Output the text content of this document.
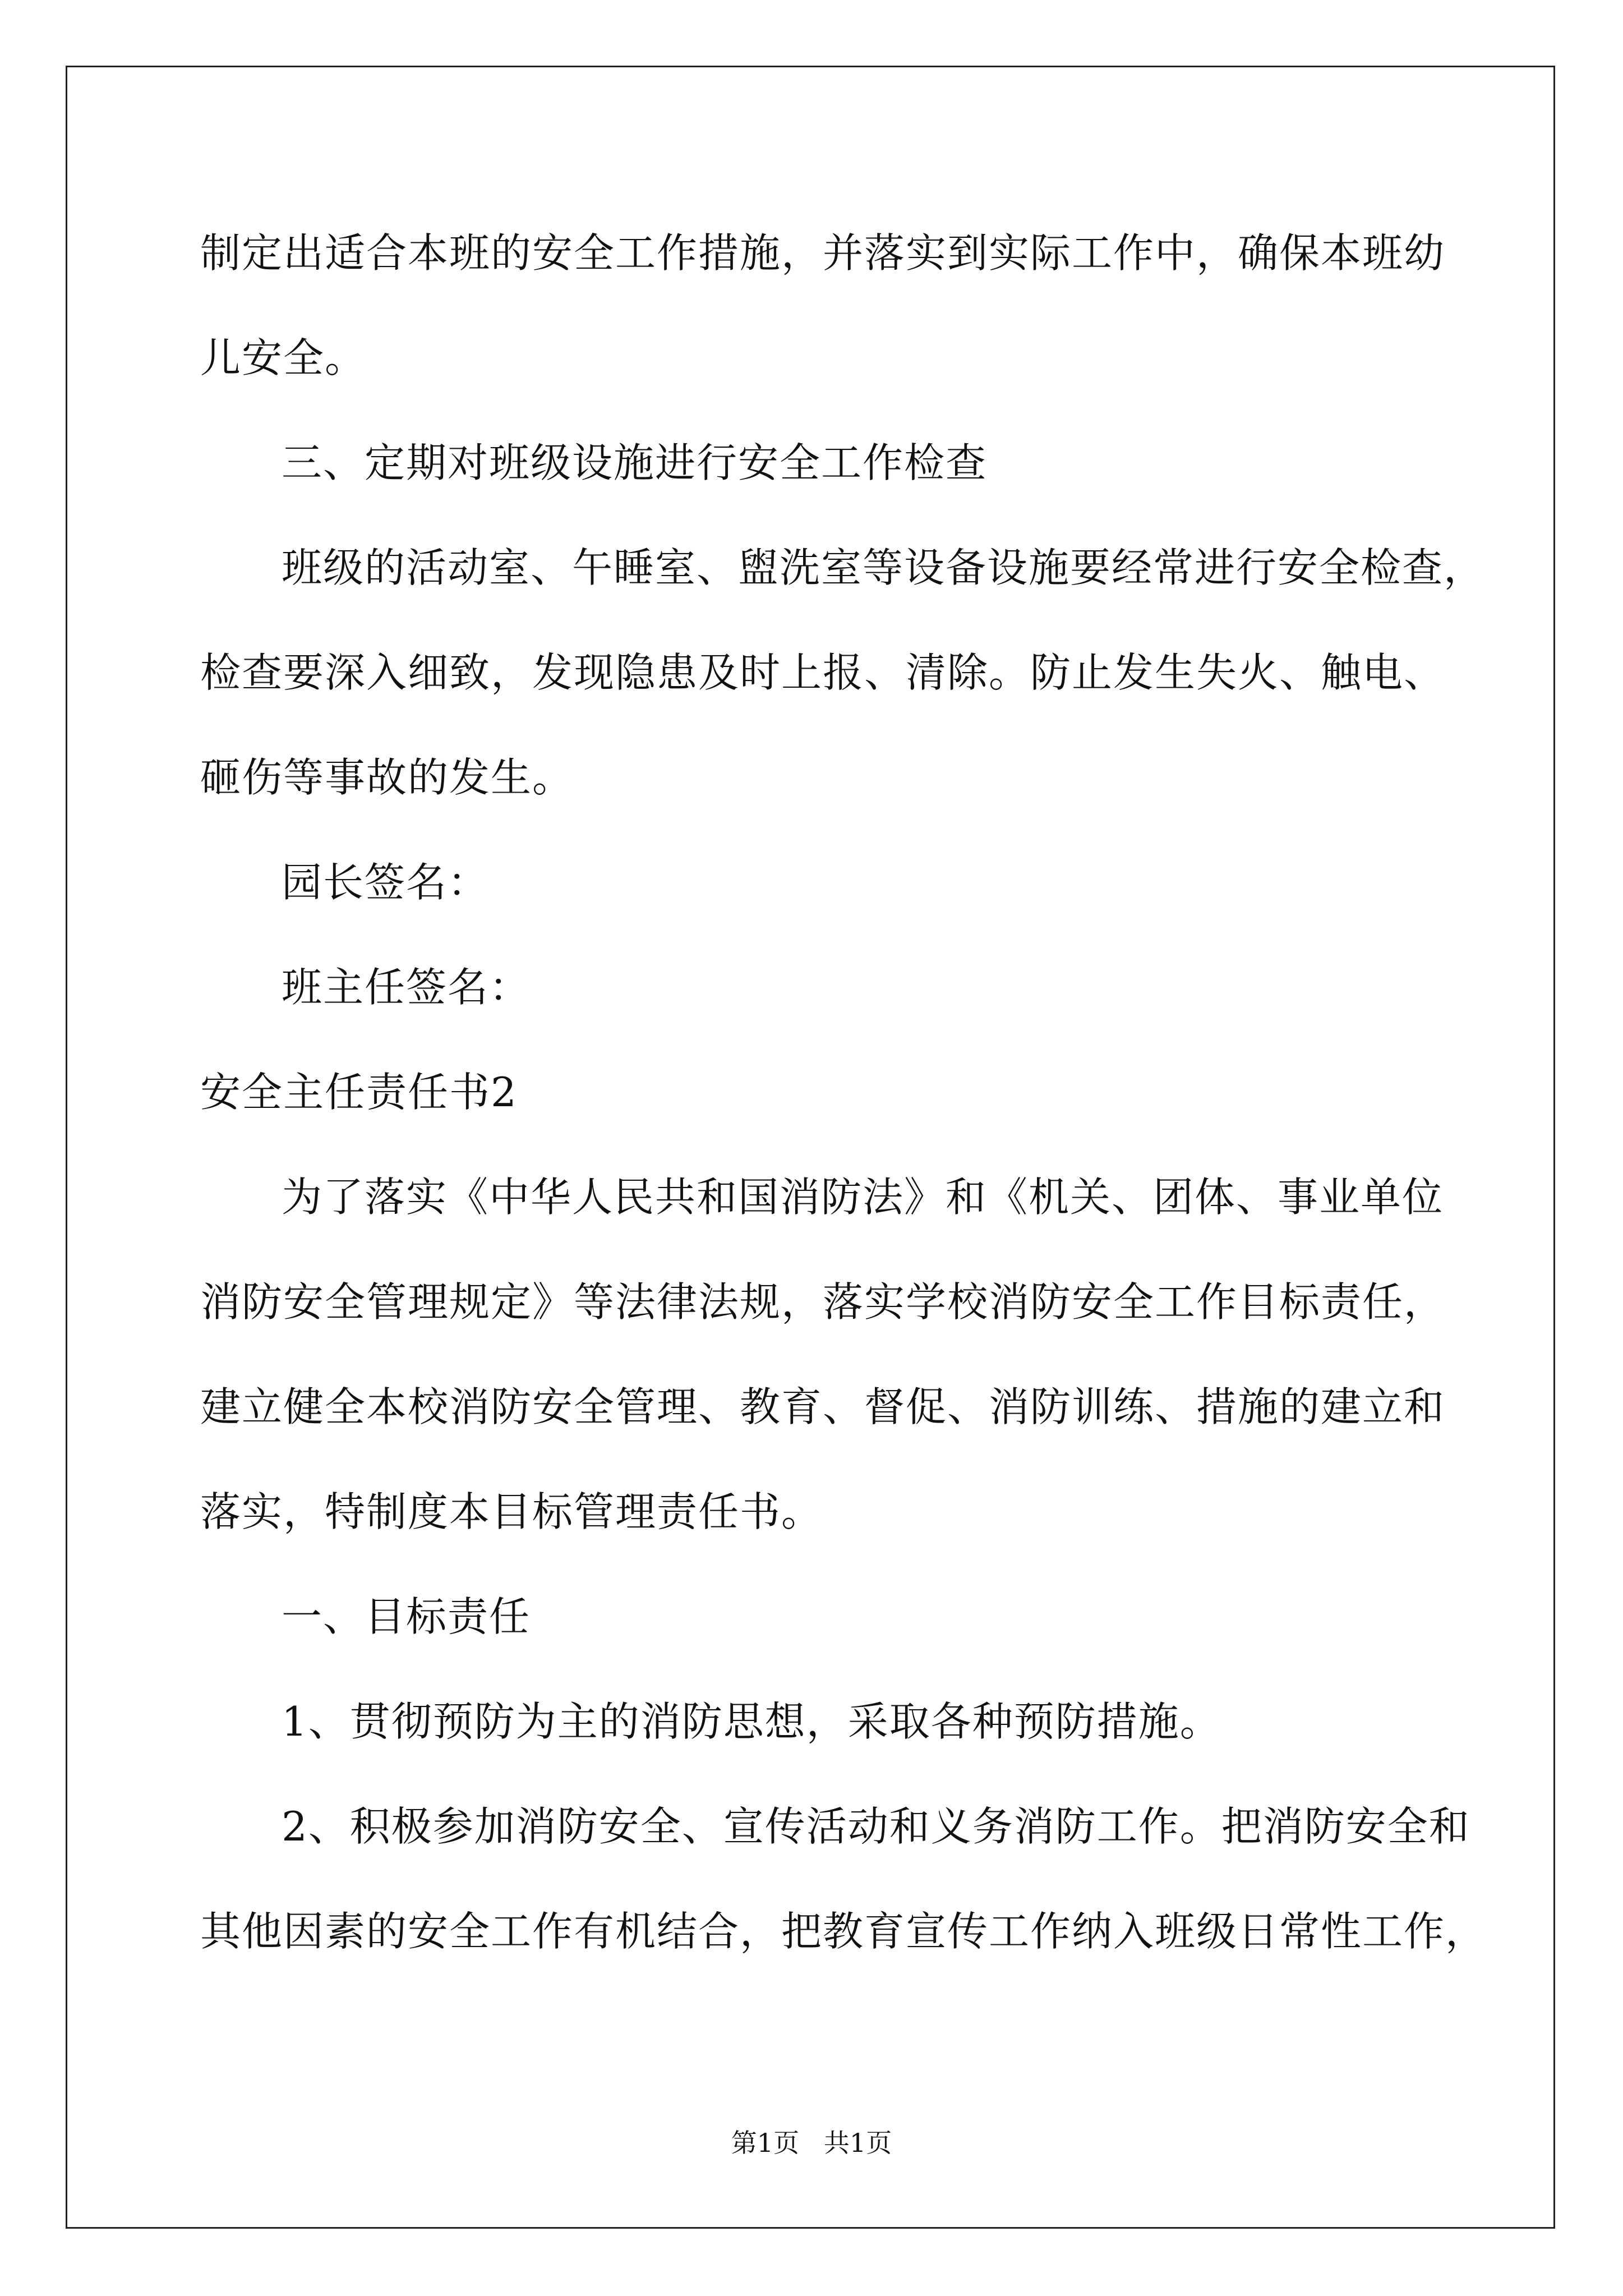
制定出适合本班的安全工作措施，并落实到实际工作中，确保本班幼
儿安全。
三、定期对班级设施进行安全工作检查
班级的活动室、午睡室、盥洗室等设备设施要经常进行安全检查，
检查要深入细致，发现隐患及时上报、清除。防止发生失火、触电、
砸伤等事故的发生。
园长签名：
班主任签名：
安全主任责任书2
为了落实《中华人民共和国消防法》和《机关、团体、事业单位
消防安全管理规定》等法律法规，落实学校消防安全工作目标责任，
建立健全本校消防安全管理、教育、督促、消防训练、措施的建立和
落实，特制度本目标管理责任书。
一、目标责任
1、贯彻预防为主的消防思想，采取各种预防措施。
2、积极参加消防安全、宣传活动和义务消防工作。把消防安全和
其他因素的安全工作有机结合，把教育宣传工作纳入班级日常性工作，
第1页   共1页
